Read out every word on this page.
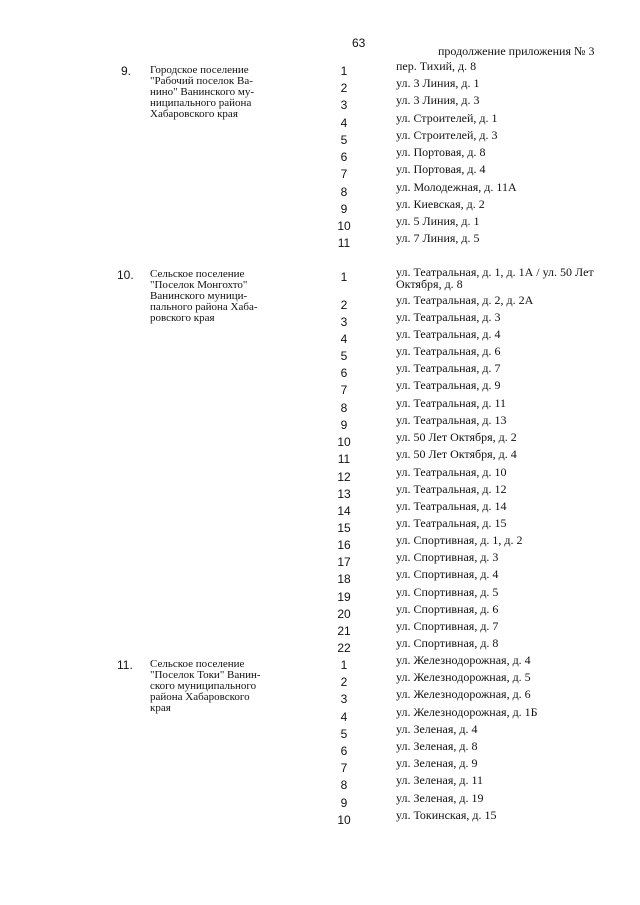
63
продолжение приложения № 3
9.	Городское поселение
"Рабочий поселок Ва-
нино" Ванинского му-
ниципального района
Хабаровского края
1	пер. Тихий, д. 8
2	ул. 3 Линия, д. 1
3	ул. 3 Линия, д. 3
4	ул. Строителей, д. 1
5	ул. Строителей, д. 3
6	ул. Портовая, д. 8
7	ул. Портовая, д. 4
8	ул. Молодежная, д. 11А
9	ул. Киевская, д. 2
10	ул. 5 Линия, д. 1
11	ул. 7 Линия, д. 5
10.	Сельское поселение
"Поселок Монгохто"
Ванинского муници-
пального района Хаба-
ровского края
1	ул. Театральная, д. 1, д. 1А / ул. 50 Лет Октября, д. 8
2	ул. Театральная, д. 2, д. 2А
3	ул. Театральная, д. 3
4	ул. Театральная, д. 4
5	ул. Театральная, д. 6
6	ул. Театральная, д. 7
7	ул. Театральная, д. 9
8	ул. Театральная, д. 11
9	ул. Театральная, д. 13
10	ул. 50 Лет Октября, д. 2
11	ул. 50 Лет Октября, д. 4
12	ул. Театральная, д. 10
13	ул. Театральная, д. 12
14	ул. Театральная, д. 14
15	ул. Театральная, д. 15
16	ул. Спортивная, д. 1, д. 2
17	ул. Спортивная, д. 3
18	ул. Спортивная, д. 4
19	ул. Спортивная, д. 5
20	ул. Спортивная, д. 6
21	ул. Спортивная, д. 7
22	ул. Спортивная, д. 8
11.	Сельское поселение
"Поселок Токи" Ванин-
ского муниципального
района Хабаровского
края
1	ул. Железнодорожная, д. 4
2	ул. Железнодорожная, д. 5
3	ул. Железнодорожная, д. 6
4	ул. Железнодорожная, д. 1Б
5	ул. Зеленая, д. 4
6	ул. Зеленая, д. 8
7	ул. Зеленая, д. 9
8	ул. Зеленая, д. 11
9	ул. Зеленая, д. 19
10	ул. Токинская, д. 15
